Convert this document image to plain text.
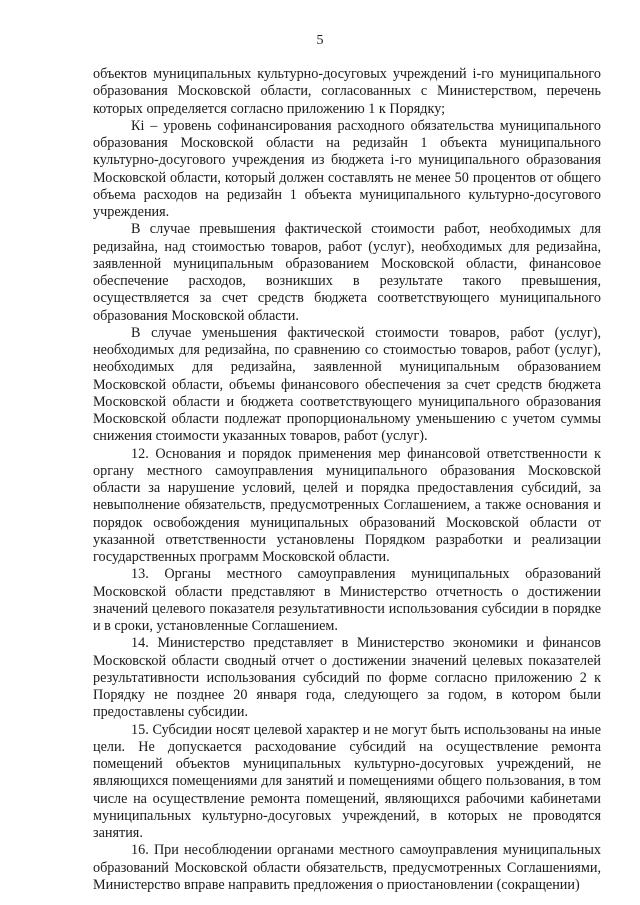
5

объектов муниципальных культурно-досуговых учреждений i-го муниципального образования Московской области, согласованных с Министерством, перечень которых определяется согласно приложению 1 к Порядку;

Кi – уровень софинансирования расходного обязательства муниципального образования Московской области на редизайн 1 объекта муниципального культурно-досугового учреждения из бюджета i-го муниципального образования Московской области, который должен составлять не менее 50 процентов от общего объема расходов на редизайн 1 объекта муниципального культурно-досугового учреждения.

В случае превышения фактической стоимости работ, необходимых для редизайна, над стоимостью товаров, работ (услуг), необходимых для редизайна, заявленной муниципальным образованием Московской области, финансовое обеспечение расходов, возникших в результате такого превышения, осуществляется за счет средств бюджета соответствующего муниципального образования Московской области.

В случае уменьшения фактической стоимости товаров, работ (услуг), необходимых для редизайна, по сравнению со стоимостью товаров, работ (услуг), необходимых для редизайна, заявленной муниципальным образованием Московской области, объемы финансового обеспечения за счет средств бюджета Московской области и бюджета соответствующего муниципального образования Московской области подлежат пропорциональному уменьшению с учетом суммы снижения стоимости указанных товаров, работ (услуг).

12. Основания и порядок применения мер финансовой ответственности к органу местного самоуправления муниципального образования Московской области за нарушение условий, целей и порядка предоставления субсидий, за невыполнение обязательств, предусмотренных Соглашением, а также основания и порядок освобождения муниципальных образований Московской области от указанной ответственности установлены Порядком разработки и реализации государственных программ Московской области.

13. Органы местного самоуправления муниципальных образований Московской области представляют в Министерство отчетность о достижении значений целевого показателя результативности использования субсидии в порядке и в сроки, установленные Соглашением.

14. Министерство представляет в Министерство экономики и финансов Московской области сводный отчет о достижении значений целевых показателей результативности использования субсидий по форме согласно приложению 2 к Порядку не позднее 20 января года, следующего за годом, в котором были предоставлены субсидии.

15. Субсидии носят целевой характер и не могут быть использованы на иные цели. Не допускается расходование субсидий на осуществление ремонта помещений объектов муниципальных культурно-досуговых учреждений, не являющихся помещениями для занятий и помещениями общего пользования, в том числе на осуществление ремонта помещений, являющихся рабочими кабинетами муниципальных культурно-досуговых учреждений, в которых не проводятся занятия.

16. При несоблюдении органами местного самоуправления муниципальных образований Московской области обязательств, предусмотренных Соглашениями, Министерство вправе направить предложения о приостановлении (сокращении)
